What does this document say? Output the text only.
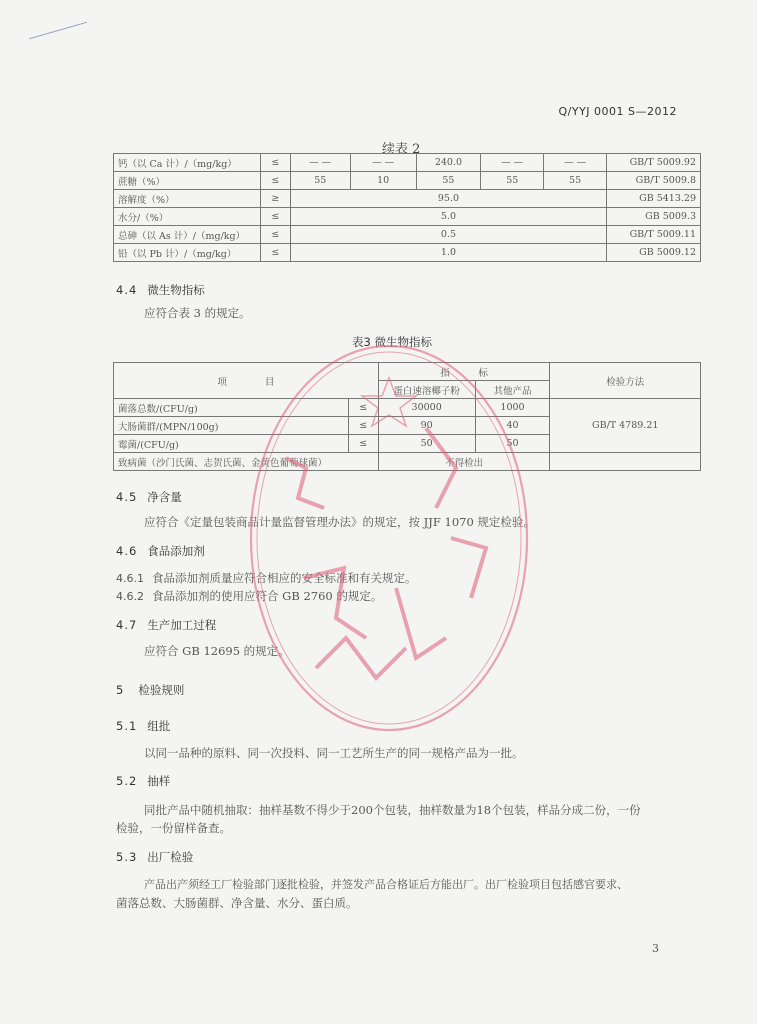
Q/YYJ 0001 S—2012
续表 2
钙（以 Ca 计）/（mg/kg）	≤	— —	— —	240.0	— —	— —	GB/T 5009.92
蔗糖（%）	≤	55	10	55	55	55	GB/T 5009.8
溶解度（%）	≥	95.0					GB 5413.29
水分/（%）	≤	5.0					GB 5009.3
总砷（以 As 计）/（mg/kg）	≤	0.5					GB/T 5009.11
铅（以 Pb 计）/（mg/kg）	≤	1.0					GB 5009.12
4.4 微生物指标
应符合表 3 的规定。
表3 微生物指标
项　　　　目		指　　　标		检验方法
		蛋白速溶椰子粉	其他产品	
菌落总数/(CFU/g)	≤	30000	1000	GB/T 4789.21
大肠菌群/(MPN/100g)	≤	90	40	
霉菌/(CFU/g)	≤	50	50	
致病菌（沙门氏菌、志贺氏菌、金黄色葡萄球菌）		不得检出		
4.5 净含量
应符合《定量包装商品计量监督管理办法》的规定，按 JJF 1070 规定检验。
4.6 食品添加剂
4.6.1 食品添加剂质量应符合相应的安全标准和有关规定。
4.6.2 食品添加剂的使用应符合 GB 2760 的规定。
4.7 生产加工过程
应符合 GB 12695 的规定。
5 检验规则
5.1 组批
以同一品种的原料、同一次投料、同一工艺所生产的同一规格产品为一批。
5.2 抽样
同批产品中随机抽取：抽样基数不得少于200个包装，抽样数量为18个包装，样品分成二份，一份
检验，一份留样备查。
5.3 出厂检验
产品出产须经工厂检验部门逐批检验，并签发产品合格证后方能出厂。出厂检验项目包括感官要求、
菌落总数、大肠菌群、净含量、水分、蛋白质。
3
